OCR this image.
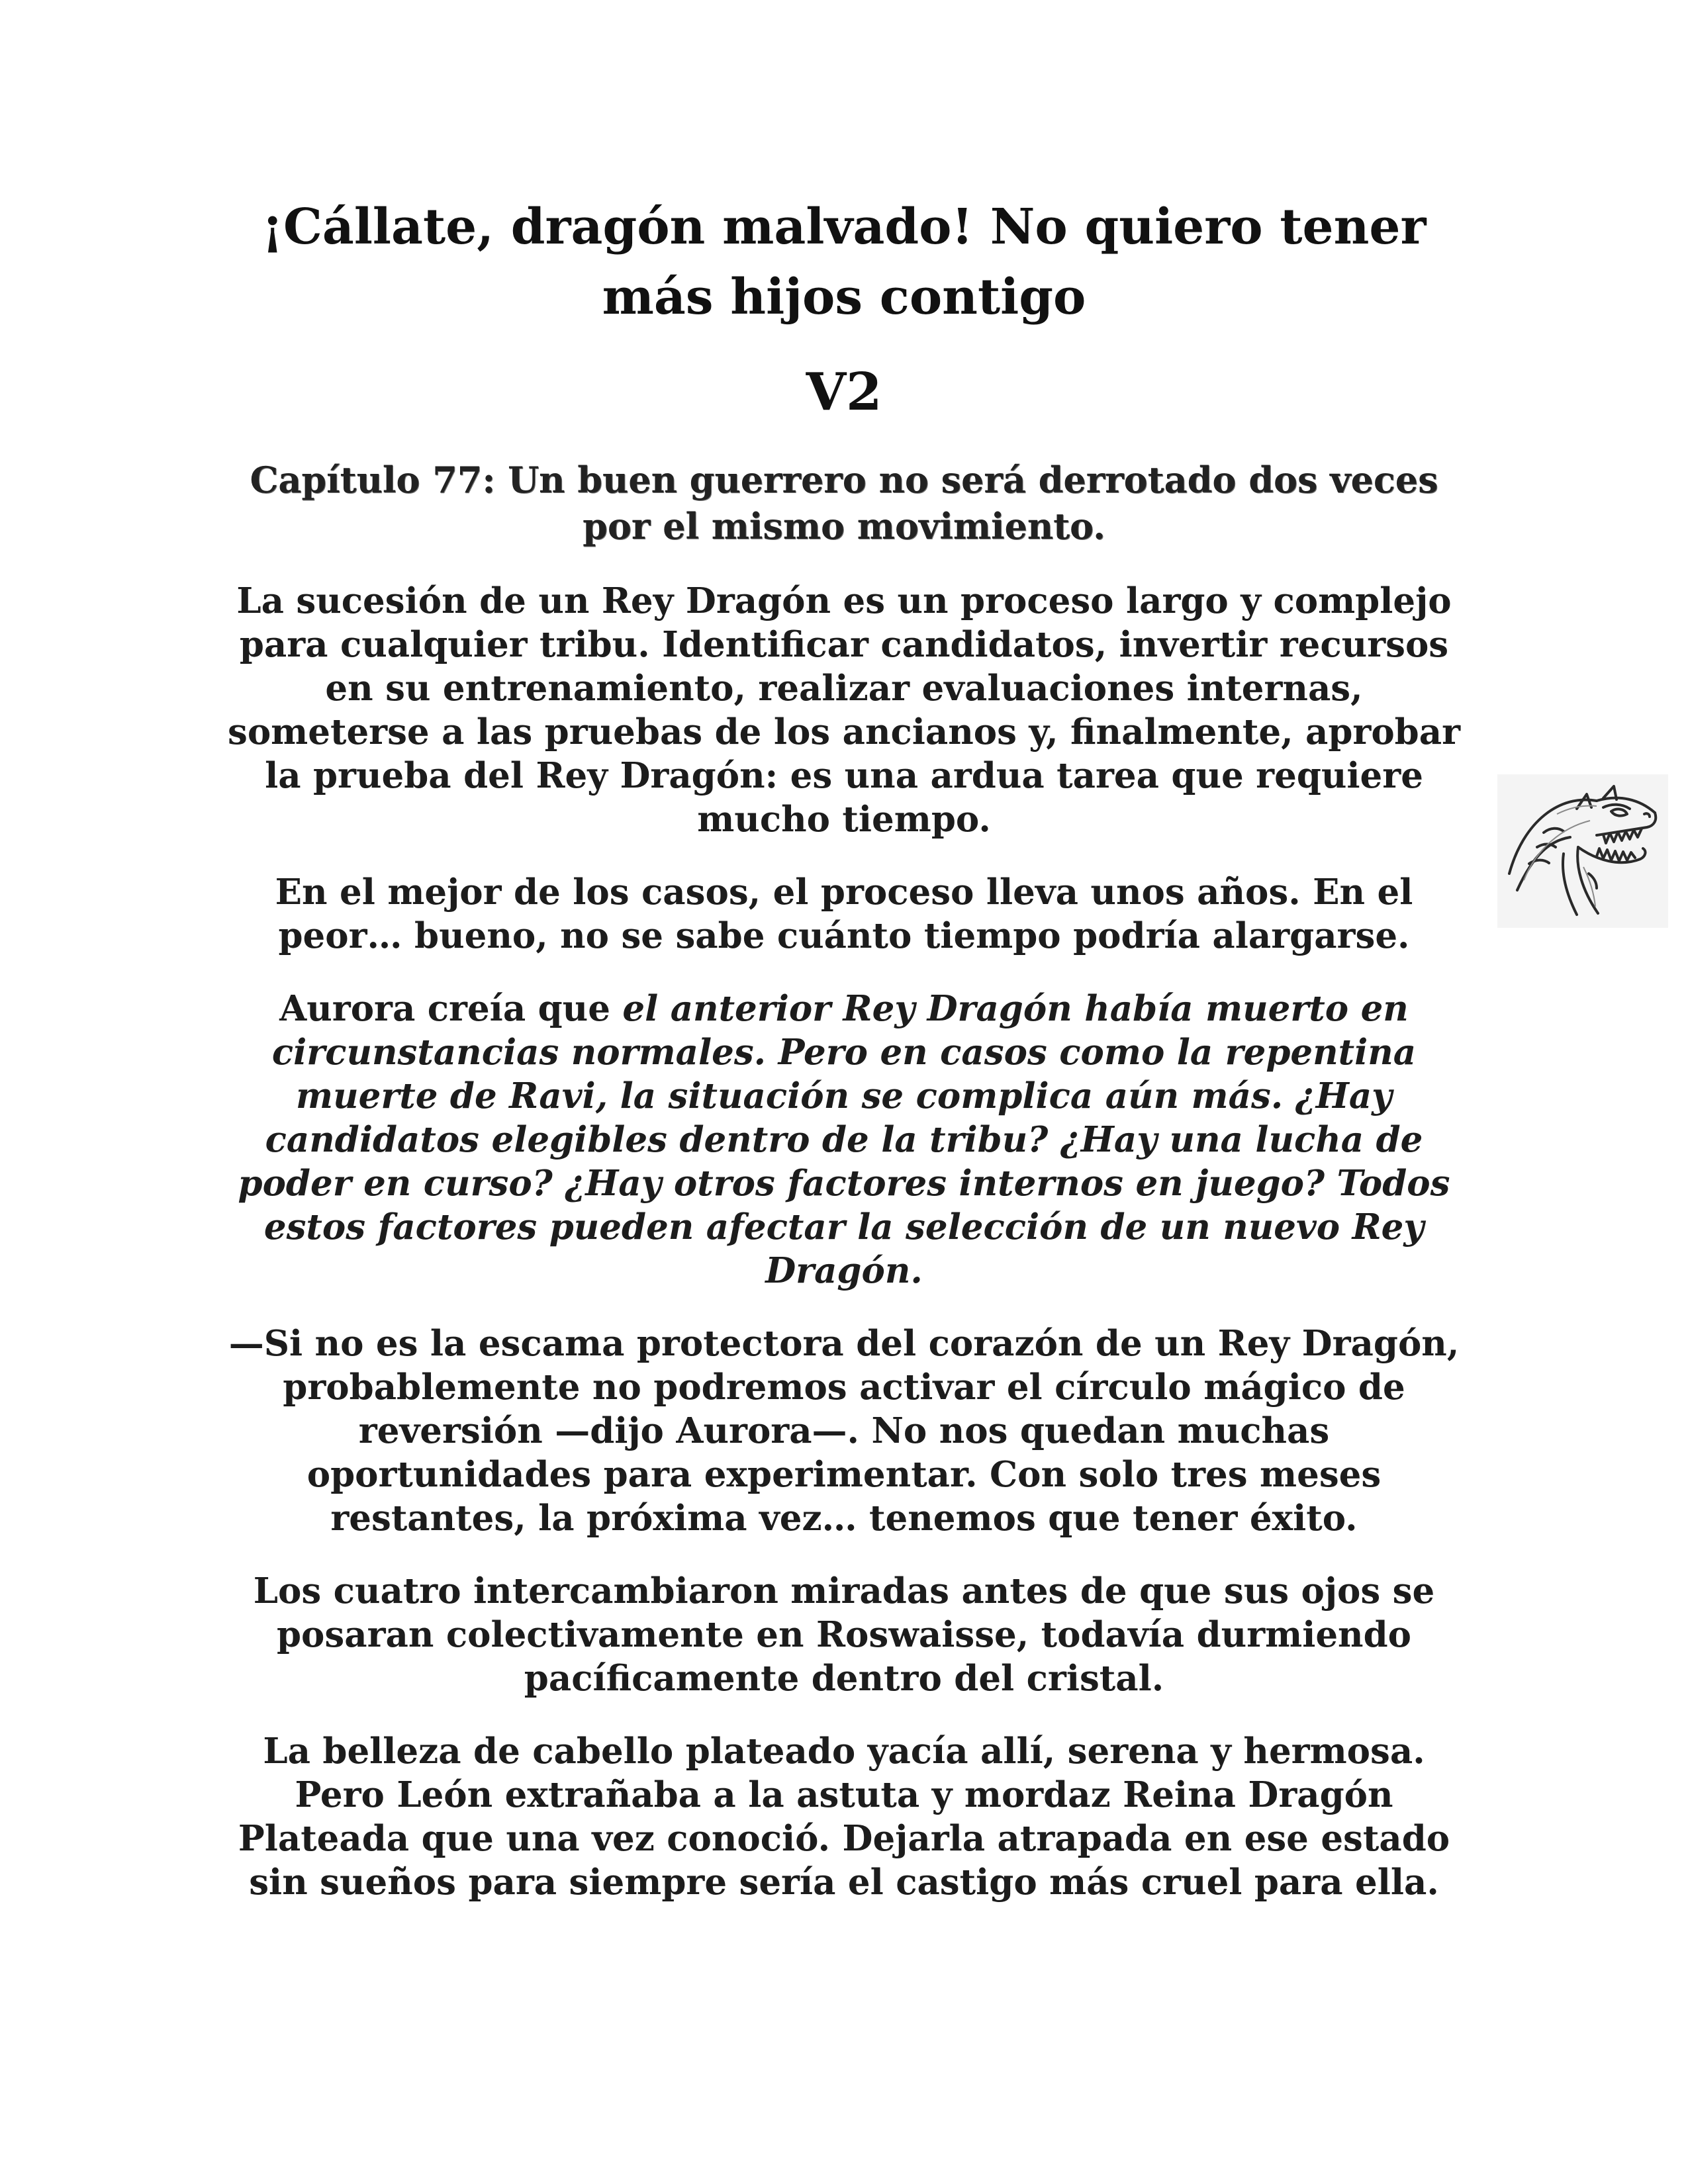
¡Cállate, dragón malvado! No quiero tener más hijos contigo
V2
Capítulo 77: Un buen guerrero no será derrotado dos veces por el mismo movimiento.

La sucesión de un Rey Dragón es un proceso largo y complejo para cualquier tribu. Identificar candidatos, invertir recursos en su entrenamiento, realizar evaluaciones internas, someterse a las pruebas de los ancianos y, finalmente, aprobar la prueba del Rey Dragón: es una ardua tarea que requiere mucho tiempo.

En el mejor de los casos, el proceso lleva unos años. En el peor… bueno, no se sabe cuánto tiempo podría alargarse.

Aurora creía que el anterior Rey Dragón había muerto en circunstancias normales. Pero en casos como la repentina muerte de Ravi, la situación se complica aún más. ¿Hay candidatos elegibles dentro de la tribu? ¿Hay una lucha de poder en curso? ¿Hay otros factores internos en juego? Todos estos factores pueden afectar la selección de un nuevo Rey Dragón.

—Si no es la escama protectora del corazón de un Rey Dragón, probablemente no podremos activar el círculo mágico de reversión —dijo Aurora—. No nos quedan muchas oportunidades para experimentar. Con solo tres meses restantes, la próxima vez… tenemos que tener éxito.

Los cuatro intercambiaron miradas antes de que sus ojos se posaran colectivamente en Roswaisse, todavía durmiendo pacíficamente dentro del cristal.

La belleza de cabello plateado yacía allí, serena y hermosa. Pero León extrañaba a la astuta y mordaz Reina Dragón Plateada que una vez conoció. Dejarla atrapada en ese estado sin sueños para siempre sería el castigo más cruel para ella.
